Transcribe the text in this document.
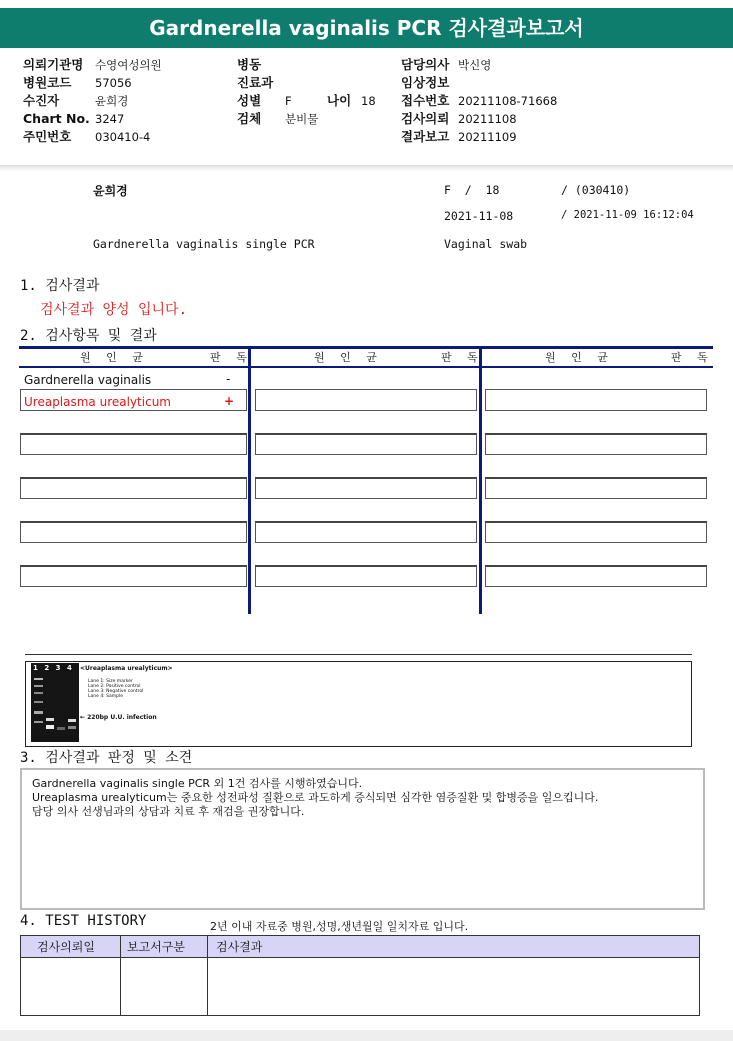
Gardnerella vaginalis PCR 검사결과보고서
의뢰기관명 수영여성의원
병원코드 57056
수진자	윤희경
Chart No. 3247
주민번호 030410-4
병동
진료과
성별 F	나이 18
검체 분비물
담당의사 박신영
임상정보
접수번호 20211108-71668
검사의뢰 20211108
결과보고 20211109
윤희경	F  /  18	/ (030410)
2021-11-08	/ 2021-11-09 16:12:04
Gardnerella vaginalis single PCR	Vaginal swab
1. 검사결과
검사결과 양성 입니다.
2. 검사항목 및 결과
원 인 균	판 독	원 인 균	판 독	원 인 균	판 독
Gardnerella vaginalis	-
Ureaplasma urealyticum	+
1 2 3 4 <Ureaplasma urealyticum>
Lane 1: Size marker
Lane 2: Positive control
Lane 3: Negative control
Lane 4: Sample
← 220bp U.U. infection
3. 검사결과 판정 및 소견
Gardnerella vaginalis single PCR 외 1건 검사를 시행하였습니다.
Ureaplasma urealyticum는 중요한 성전파성 질환으로 과도하게 증식되면 심각한 염증질환 및 합병증을 일으킵니다.
담당 의사 선생님과의 상담과 치료 후 재검을 권장합니다.
4. TEST HISTORY	2년 이내 자료중 병원,성명,생년월일 일치자료 입니다.
검사의뢰일	보고서구분	검사결과
